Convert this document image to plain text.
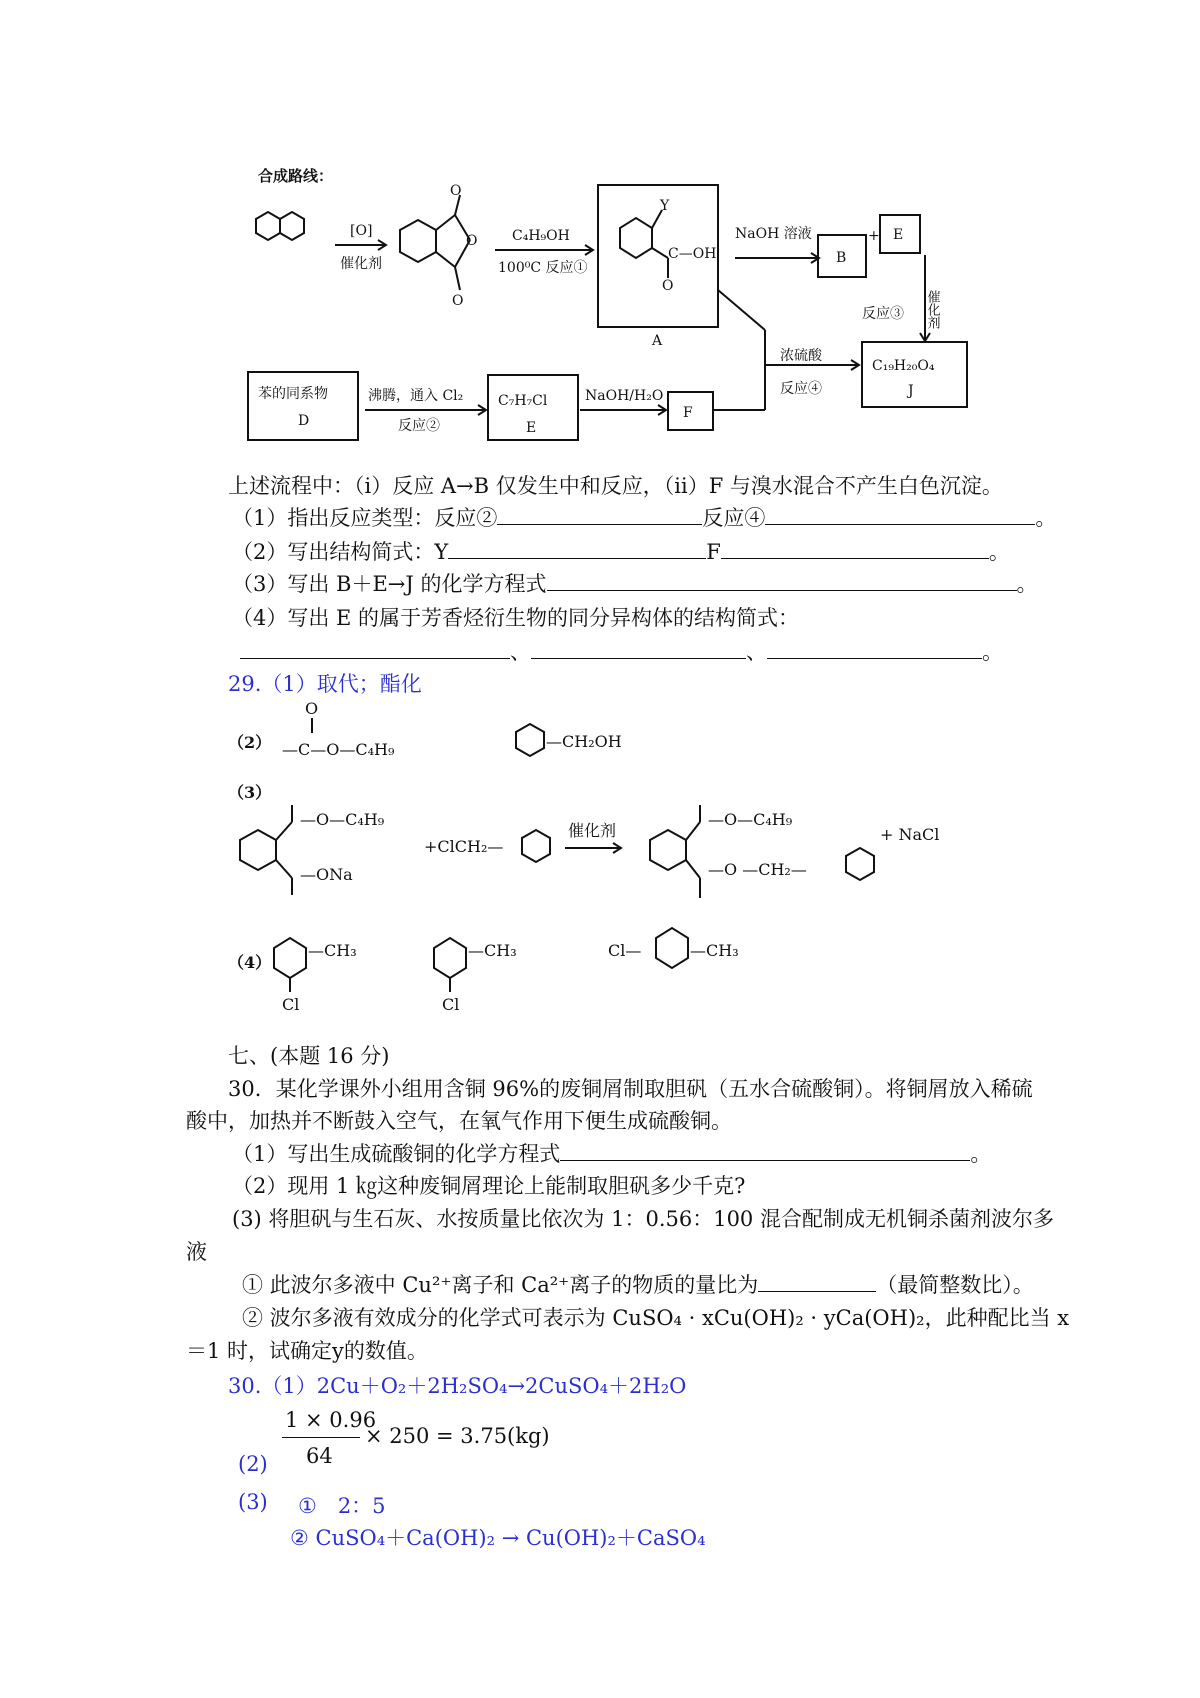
合成路线：
[O]
催化剂
O
O
O
C₄H₉OH
100⁰C 反应①
Y
C—OH
O
A
NaOH 溶液
B
+ E
催化剂
反应③
浓硫酸
反应④
C₁₉H₂₀O₄
J
苯的同系物
D
沸腾，通入 Cl₂
反应②
C₇H₇Cl
E
NaOH/H₂O
F
上述流程中：（ⅰ）反应 A→B 仅发生中和反应，（ⅱ）F 与溴水混合不产生白色沉淀。
（1）指出反应类型：反应②	反应④	。
（2）写出结构简式：Y	F	。
（3）写出 B＋E→J 的化学方程式	。
（4）写出 E 的属于芳香烃衍生物的同分异构体的结构简式：
、	、	。
29.（1）取代；酯化
（2）
（3）
（4）
O
—C—O—C₄H₉	—CH₂OH
—O—C₄H₉
—ONa
+ClCH₂—
催化剂
—O—C₄H₉
—O —CH₂—
+ NaCl
—CH₃
Cl
—CH₃
Cl
Cl—	—CH₃
七、(本题 16 分)
30．某化学课外小组用含铜 96%的废铜屑制取胆矾（五水合硫酸铜）。将铜屑放入稀硫
酸中，加热并不断鼓入空气，在氧气作用下便生成硫酸铜。
（1）写出生成硫酸铜的化学方程式	。
（2）现用 1 ㎏这种废铜屑理论上能制取胆矾多少千克?
(3) 将胆矾与生石灰、水按质量比依次为 1：0.56：100 混合配制成无机铜杀菌剂波尔多
液
① 此波尔多液中 Cu²⁺离子和 Ca²⁺离子的物质的量比为	（最简整数比）。
② 波尔多液有效成分的化学式可表示为 CuSO₄ · xCu(OH)₂ · yCa(OH)₂，此种配比当 x
＝1 时，试确定y的数值。
30.（1）2Cu＋O₂＋2H₂SO₄→2CuSO₄＋2H₂O
1 × 0.96
× 250 = 3.75(kg)
64
(2)
(3) ①　2：5
② CuSO₄＋Ca(OH)₂ → Cu(OH)₂＋CaSO₄
